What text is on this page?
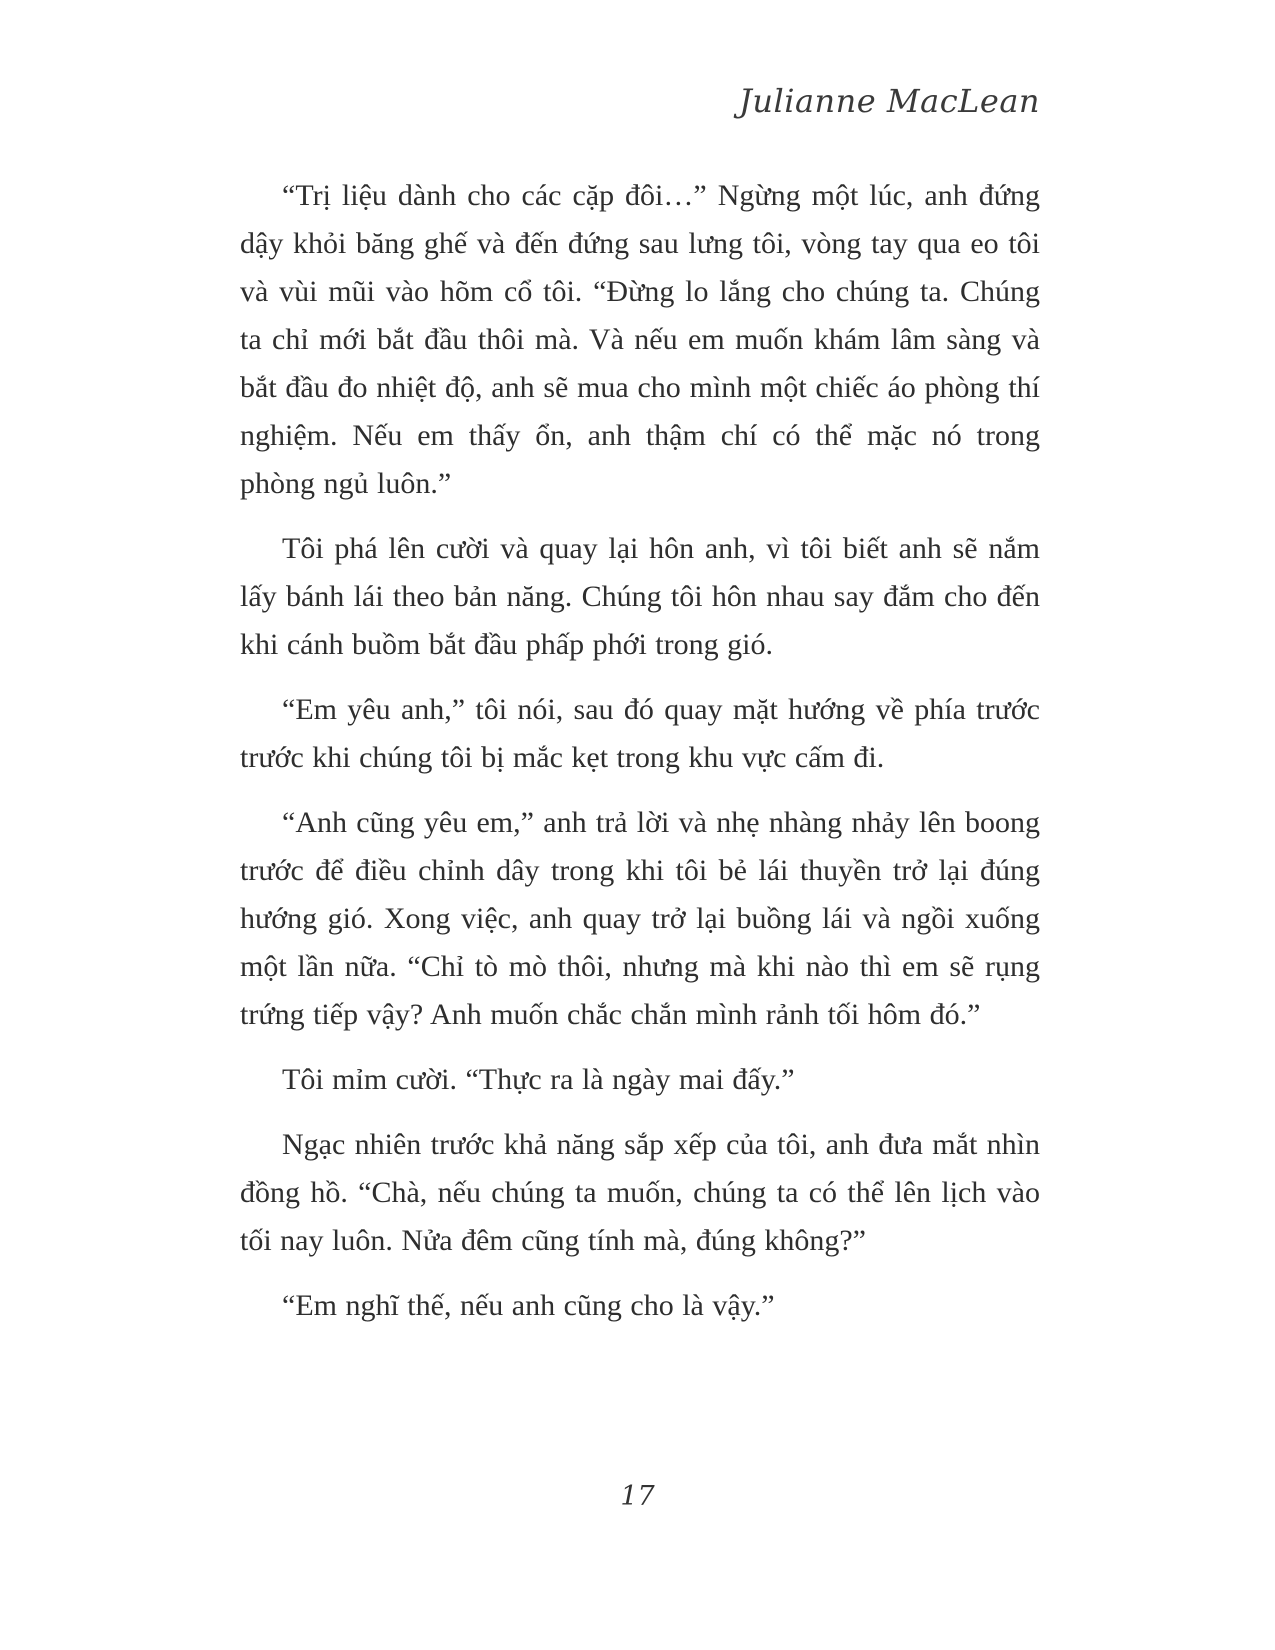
Julianne MacLean

“Trị liệu dành cho các cặp đôi…” Ngừng một lúc, anh đứng dậy khỏi băng ghế và đến đứng sau lưng tôi, vòng tay qua eo tôi và vùi mũi vào hõm cổ tôi. “Đừng lo lắng cho chúng ta. Chúng ta chỉ mới bắt đầu thôi mà. Và nếu em muốn khám lâm sàng và bắt đầu đo nhiệt độ, anh sẽ mua cho mình một chiếc áo phòng thí nghiệm. Nếu em thấy ổn, anh thậm chí có thể mặc nó trong phòng ngủ luôn.”

Tôi phá lên cười và quay lại hôn anh, vì tôi biết anh sẽ nắm lấy bánh lái theo bản năng. Chúng tôi hôn nhau say đắm cho đến khi cánh buồm bắt đầu phấp phới trong gió.

“Em yêu anh,” tôi nói, sau đó quay mặt hướng về phía trước trước khi chúng tôi bị mắc kẹt trong khu vực cấm đi.

“Anh cũng yêu em,” anh trả lời và nhẹ nhàng nhảy lên boong trước để điều chỉnh dây trong khi tôi bẻ lái thuyền trở lại đúng hướng gió. Xong việc, anh quay trở lại buồng lái và ngồi xuống một lần nữa. “Chỉ tò mò thôi, nhưng mà khi nào thì em sẽ rụng trứng tiếp vậy? Anh muốn chắc chắn mình rảnh tối hôm đó.”

Tôi mỉm cười. “Thực ra là ngày mai đấy.”

Ngạc nhiên trước khả năng sắp xếp của tôi, anh đưa mắt nhìn đồng hồ. “Chà, nếu chúng ta muốn, chúng ta có thể lên lịch vào tối nay luôn. Nửa đêm cũng tính mà, đúng không?”

“Em nghĩ thế, nếu anh cũng cho là vậy.”

17
